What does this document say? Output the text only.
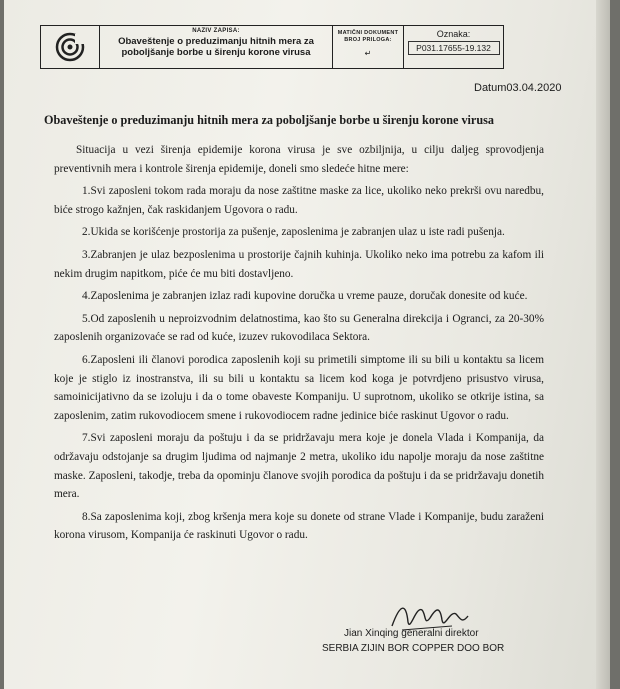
NAZIV ZAPISA:
Obaveštenje o preduzimanju hitnih mera za poboljšanje borbe u širenju korone virusa
MATIČNI DOKUMENT BROJ PRILOGA:
↵
Oznaka:
P031.17655-19.132
Datum03.04.2020
Obaveštenje o preduzimanju hitnih mera za poboljšanje borbe u širenju korone virusa

Situacija u vezi širenja epidemije korona virusa je sve ozbiljnija, u cilju daljeg sprovodjenja preventivnih mera i kontrole širenja epidemije, doneli smo sledeće hitne mere:

1.Svi zaposleni tokom rada moraju da nose zaštitne maske za lice, ukoliko neko prekrši ovu naredbu, biće strogo kažnjen, čak raskidanjem Ugovora o radu.

2.Ukida se korišćenje prostorija za pušenje, zaposlenima je zabranjen ulaz u iste radi pušenja.

3.Zabranjen je ulaz bezposlenima u prostorije čajnih kuhinja. Ukoliko neko ima potrebu za kafom ili nekim drugim napitkom, piće će mu biti dostavljeno.

4.Zaposlenima je zabranjen izlaz radi kupovine doručka u vreme pauze, doručak donesite od kuće.

5.Od zaposlenih u neproizvodnim delatnostima, kao što su Generalna direkcija i Ogranci, za 20-30% zaposlenih organizovaće se rad od kuće, izuzev rukovodilaca Sektora.

6.Zaposleni ili članovi porodica zaposlenih koji su primetili simptome ili su bili u kontaktu sa licem koje je stiglo iz inostranstva, ili su bili u kontaktu sa licem kod koga je potvrdjeno prisustvo virusa, samoinicijativno da se izoluju i da o tome obaveste Kompaniju. U suprotnom, ukoliko se otkrije istina, sa zaposlenim, zatim rukovodiocem smene i rukovodiocem radne jedinice biće raskinut Ugovor o radu.

7.Svi zaposleni moraju da poštuju i da se pridržavaju mera koje je donela Vlada i Kompanija, da održavaju odstojanje sa drugim ljudima od najmanje 2 metra, ukoliko idu napolje moraju da nose zaštitne maske. Zaposleni, takodje, treba da opominju članove svojih porodica da poštuju i da se pridržavaju donetih mera.

8.Sa zaposlenima koji, zbog kršenja mera koje su donete od strane Vlade i Kompanije, budu zaraženi korona virusom, Kompanija će raskinuti Ugovor o radu.

Jian Xinqing generalni direktor
SERBIA ZIJIN BOR COPPER DOO BOR
